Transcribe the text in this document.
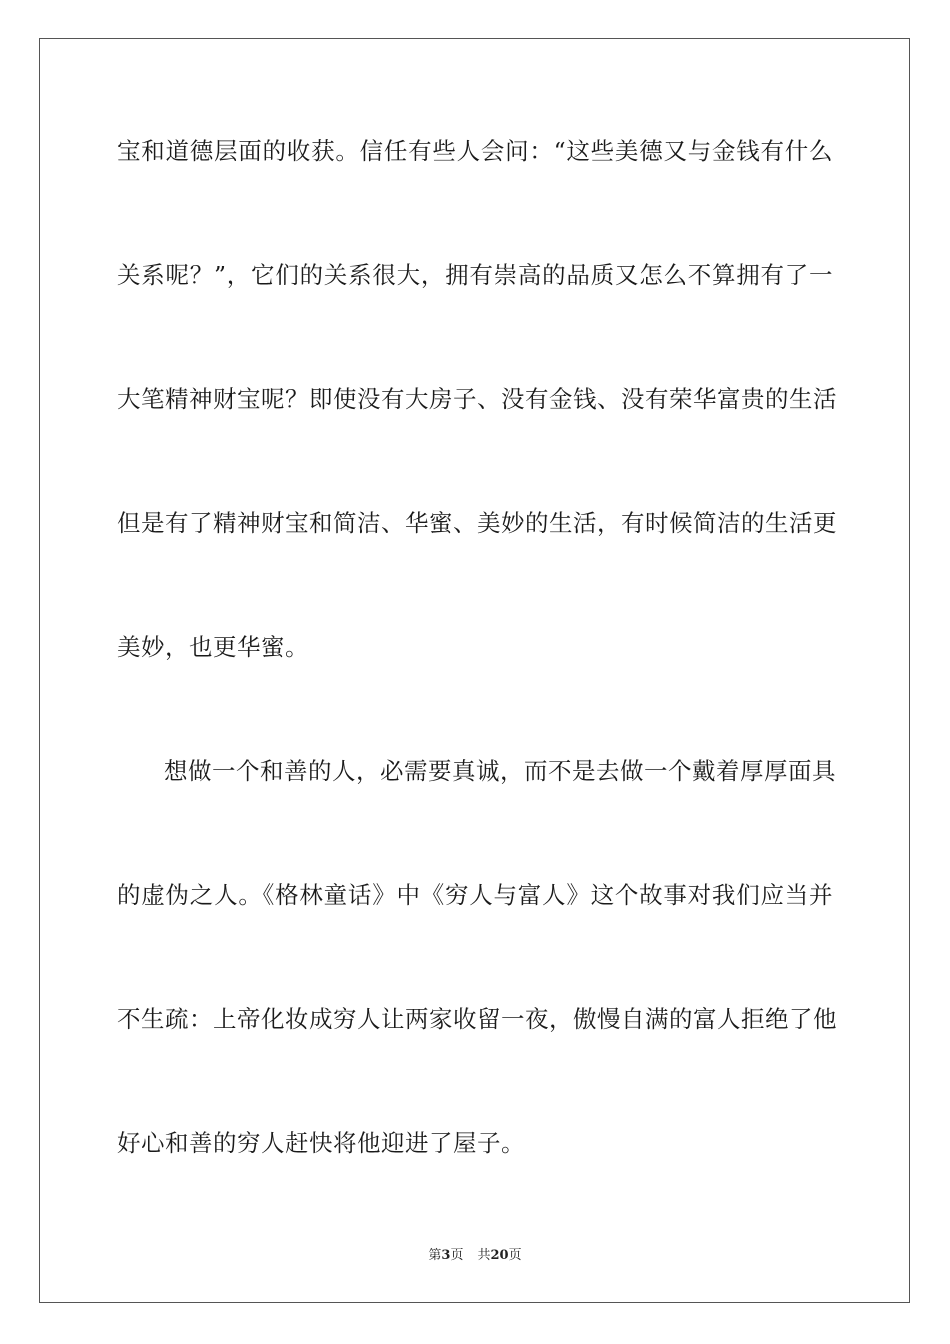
宝和道德层面的收获。信任有些人会问：“这些美德又与金钱有什么
关系呢？”，它们的关系很大，拥有崇高的品质又怎么不算拥有了一
大笔精神财宝呢？即使没有大房子、没有金钱、没有荣华富贵的生活
但是有了精神财宝和简洁、华蜜、美妙的生活，有时候简洁的生活更
美妙，也更华蜜。
想做一个和善的人，必需要真诚，而不是去做一个戴着厚厚面具
的虚伪之人。《格林童话》中《穷人与富人》这个故事对我们应当并
不生疏：上帝化妆成穷人让两家收留一夜，傲慢自满的富人拒绝了他
好心和善的穷人赶快将他迎进了屋子。
第3页 共20页
